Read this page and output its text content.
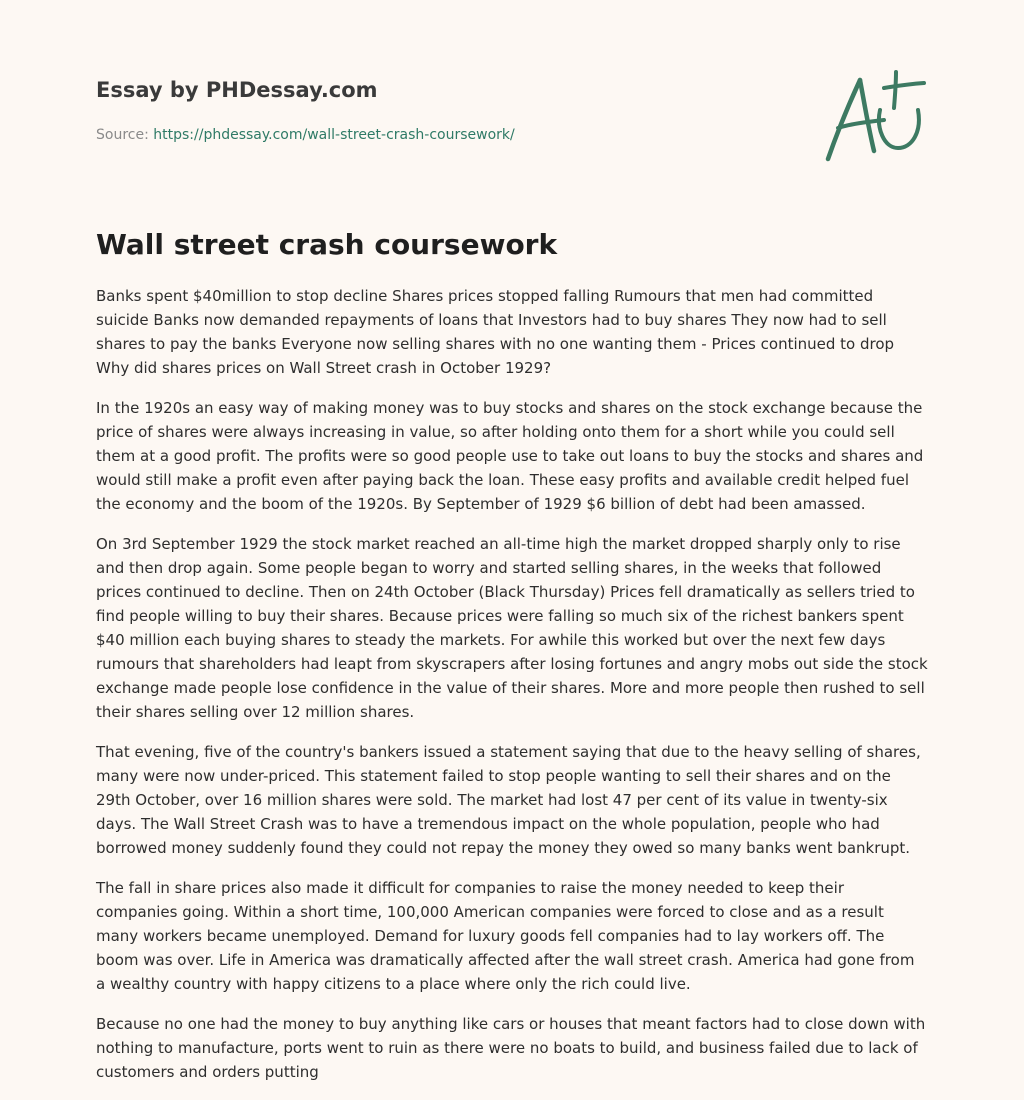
Essay by PHDessay.com
Source: https://phdessay.com/wall-street-crash-coursework/
Wall street crash coursework

Banks spent $40million to stop decline Shares prices stopped falling Rumours that men had committed suicide Banks now demanded repayments of loans that Investors had to buy shares They now had to sell shares to pay the banks Everyone now selling shares with no one wanting them - Prices continued to drop Why did shares prices on Wall Street crash in October 1929?

In the 1920s an easy way of making money was to buy stocks and shares on the stock exchange because the price of shares were always increasing in value, so after holding onto them for a short while you could sell them at a good profit. The profits were so good people use to take out loans to buy the stocks and shares and would still make a profit even after paying back the loan. These easy profits and available credit helped fuel the economy and the boom of the 1920s. By September of 1929 $6 billion of debt had been amassed.

On 3rd September 1929 the stock market reached an all-time high the market dropped sharply only to rise and then drop again. Some people began to worry and started selling shares, in the weeks that followed prices continued to decline. Then on 24th October (Black Thursday) Prices fell dramatically as sellers tried to find people willing to buy their shares. Because prices were falling so much six of the richest bankers spent $40 million each buying shares to steady the markets. For awhile this worked but over the next few days rumours that shareholders had leapt from skyscrapers after losing fortunes and angry mobs out side the stock exchange made people lose confidence in the value of their shares. More and more people then rushed to sell their shares selling over 12 million shares.

That evening, five of the country's bankers issued a statement saying that due to the heavy selling of shares, many were now under-priced. This statement failed to stop people wanting to sell their shares and on the 29th October, over 16 million shares were sold. The market had lost 47 per cent of its value in twenty-six days. The Wall Street Crash was to have a tremendous impact on the whole population, people who had borrowed money suddenly found they could not repay the money they owed so many banks went bankrupt.

The fall in share prices also made it difficult for companies to raise the money needed to keep their companies going. Within a short time, 100,000 American companies were forced to close and as a result many workers became unemployed. Demand for luxury goods fell companies had to lay workers off. The boom was over. Life in America was dramatically affected after the wall street crash. America had gone from a wealthy country with happy citizens to a place where only the rich could live.

Because no one had the money to buy anything like cars or houses that meant factors had to close down with nothing to manufacture, ports went to ruin as there were no boats to build, and business failed due to lack of customers and orders putting
